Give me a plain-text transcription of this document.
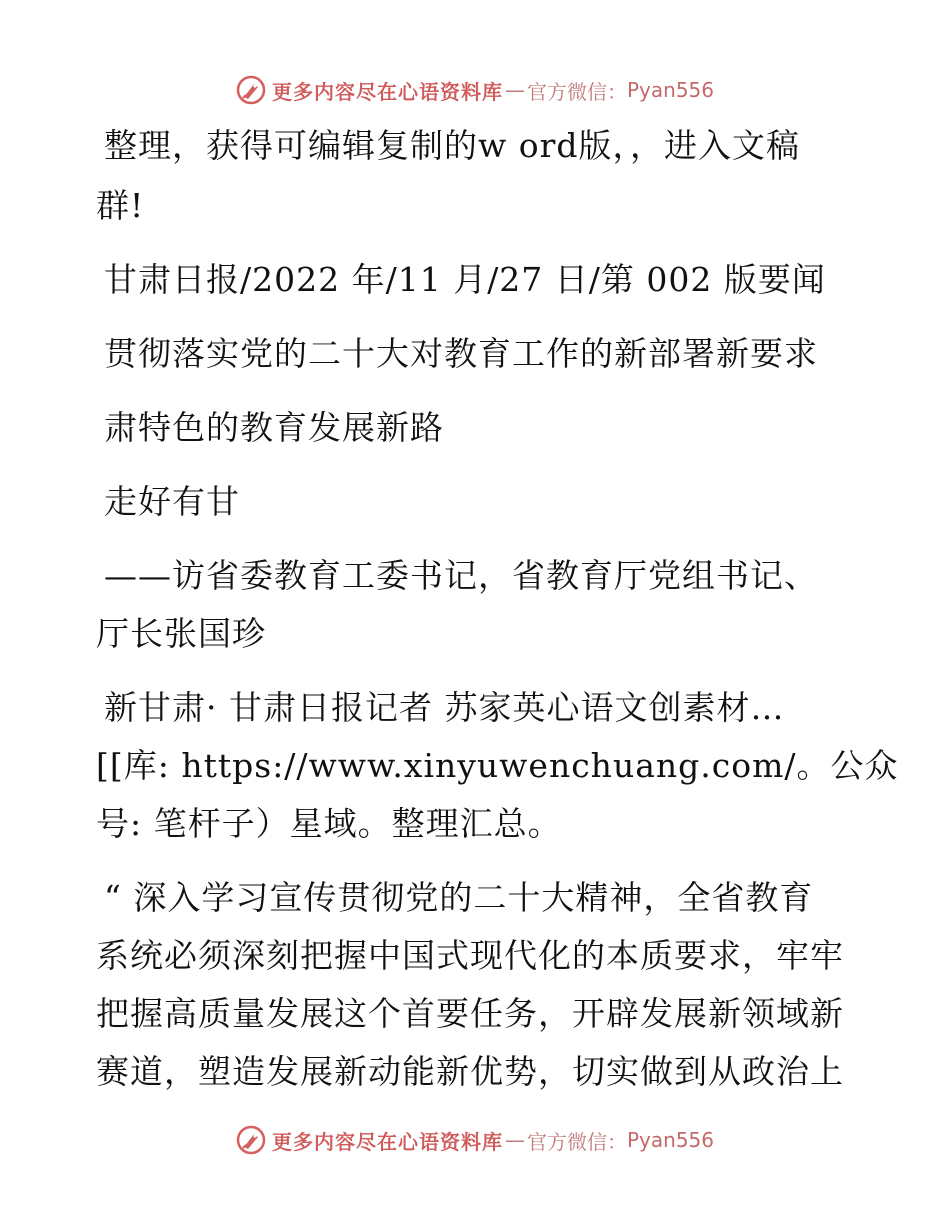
更多内容尽在心语资料库 — 官方微信： Pyan556
整理，获得可编辑复制的w ord版，，进入文稿
群!
甘肃日报/2022 年/11 月/27 日/第 002 版要闻
贯彻落实党的二十大对教育工作的新部署新要求
肃特色的教育发展新路
走好有甘
——访省委教育工委书记，省教育厅党组书记、
厅长张国珍
新甘肃· 甘肃日报记者 苏家英心语文创素材…
[[库: https://www.xinyuwenchuang.com/。公众
号: 笔杆子）星域。整理汇总。
“ 深入学习宣传贯彻党的二十大精神，全省教育
系统必须深刻把握中国式现代化的本质要求，牢牢
把握高质量发展这个首要任务，开辟发展新领域新
赛道，塑造发展新动能新优势，切实做到从政治上
更多内容尽在心语资料库 — 官方微信： Pyan556
